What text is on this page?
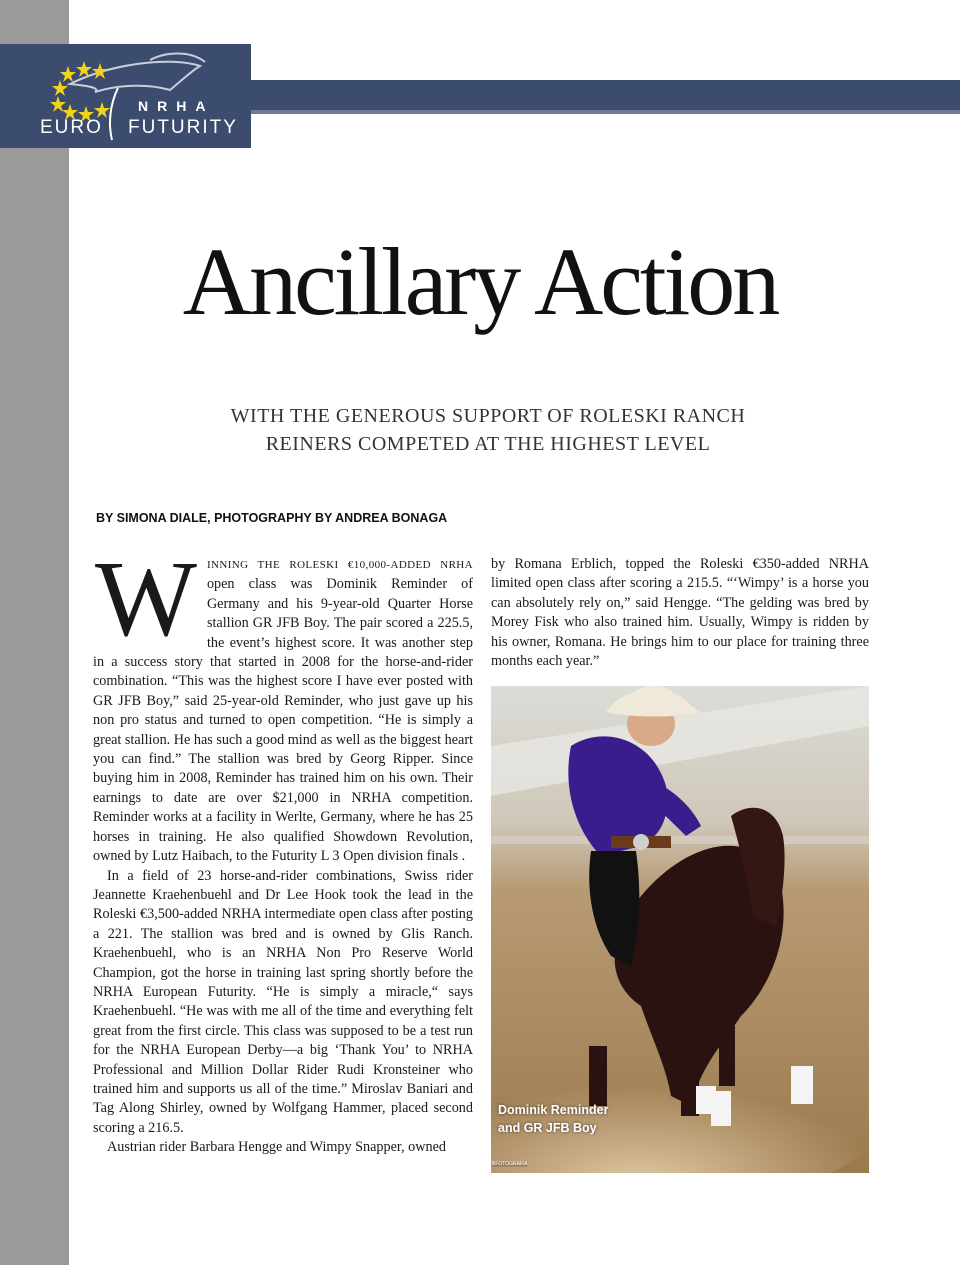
NRHA
EURO FUTURITY
Ancillary Action
WITH THE GENEROUS SUPPORT OF ROLESKI RANCH
REINERS COMPETED AT THE HIGHEST LEVEL
BY SIMONA DIALE, PHOTOGRAPHY BY ANDREA BONAGA

WINNING THE ROLESKI €10,000-ADDED NRHA open class was Dominik Reminder of Germany and his 9-year-old Quarter Horse stallion GR JFB Boy. The pair scored a 225.5, the event’s highest score. It was another step in a success story that started in 2008 for the horse-and-rider combination. “This was the highest score I have ever posted with GR JFB Boy,” said 25-year-old Reminder, who just gave up his non pro status and turned to open competition. “He is simply a great stallion. He has such a good mind as well as the biggest heart you can find.” The stallion was bred by Georg Ripper. Since buying him in 2008, Reminder has trained him on his own. Their earnings to date are over $21,000 in NRHA competition. Reminder works at a facility in Werlte, Germany, where he has 25 horses in training. He also qualified Showdown Revolution, owned by Lutz Haibach, to the Futurity L 3 Open division finals .

In a field of 23 horse-and-rider combinations, Swiss rider Jeannette Kraehenbuehl and Dr Lee Hook took the lead in the Roleski €3,500-added NRHA intermediate open class after posting a 221. The stallion was bred and is owned by Glis Ranch. Kraehenbuehl, who is an NRHA Non Pro Reserve World Champion, got the horse in training last spring shortly before the NRHA European Futurity. “He is simply a miracle,“ says Kraehenbuehl. “He was with me all of the time and everything felt great from the first circle. This class was supposed to be a test run for the NRHA European Derby—a big ‘Thank You’ to NRHA Professional and Million Dollar Rider Rudi Kronsteiner who trained him and supports us all of the time.” Miroslav Baniari and Tag Along Shirley, owned by Wolfgang Hammer, placed second scoring a 216.5.

Austrian rider Barbara Hengge and Wimpy Snapper, owned

by Romana Erblich, topped the Roleski €350-added NRHA limited open class after scoring a 215.5. “‘Wimpy’ is a horse you can absolutely rely on,” said Hengge. “The gelding was bred by Morey Fisk who also trained him. Usually, Wimpy is ridden by his owner, Romana. He brings him to our place for training three months each year.”

Dominik Reminder
and GR JFB Boy
BFOTOGRAFIA
